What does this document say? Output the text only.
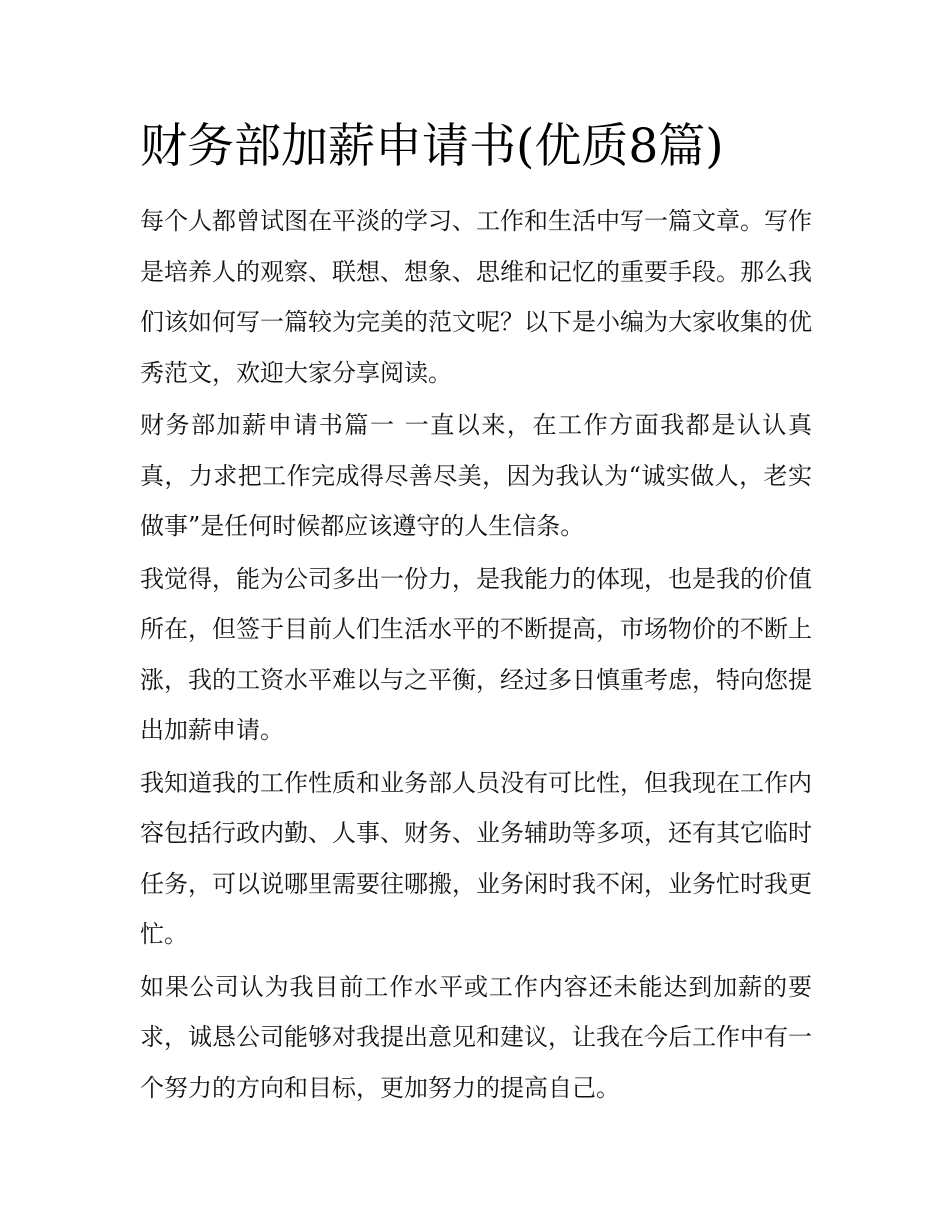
财务部加薪申请书(优质8篇)

每个人都曾试图在平淡的学习、工作和生活中写一篇文章。写作是培养人的观察、联想、想象、思维和记忆的重要手段。那么我们该如何写一篇较为完美的范文呢？以下是小编为大家收集的优秀范文，欢迎大家分享阅读。

财务部加薪申请书篇一 一直以来，在工作方面我都是认认真真，力求把工作完成得尽善尽美，因为我认为“诚实做人，老实做事”是任何时候都应该遵守的人生信条。

我觉得，能为公司多出一份力，是我能力的体现，也是我的价值所在，但签于目前人们生活水平的不断提高，市场物价的不断上涨，我的工资水平难以与之平衡，经过多日慎重考虑，特向您提出加薪申请。

我知道我的工作性质和业务部人员没有可比性，但我现在工作内容包括行政内勤、人事、财务、业务辅助等多项，还有其它临时任务，可以说哪里需要往哪搬，业务闲时我不闲，业务忙时我更忙。

如果公司认为我目前工作水平或工作内容还未能达到加薪的要求，诚恳公司能够对我提出意见和建议，让我在今后工作中有一个努力的方向和目标，更加努力的提高自己。
